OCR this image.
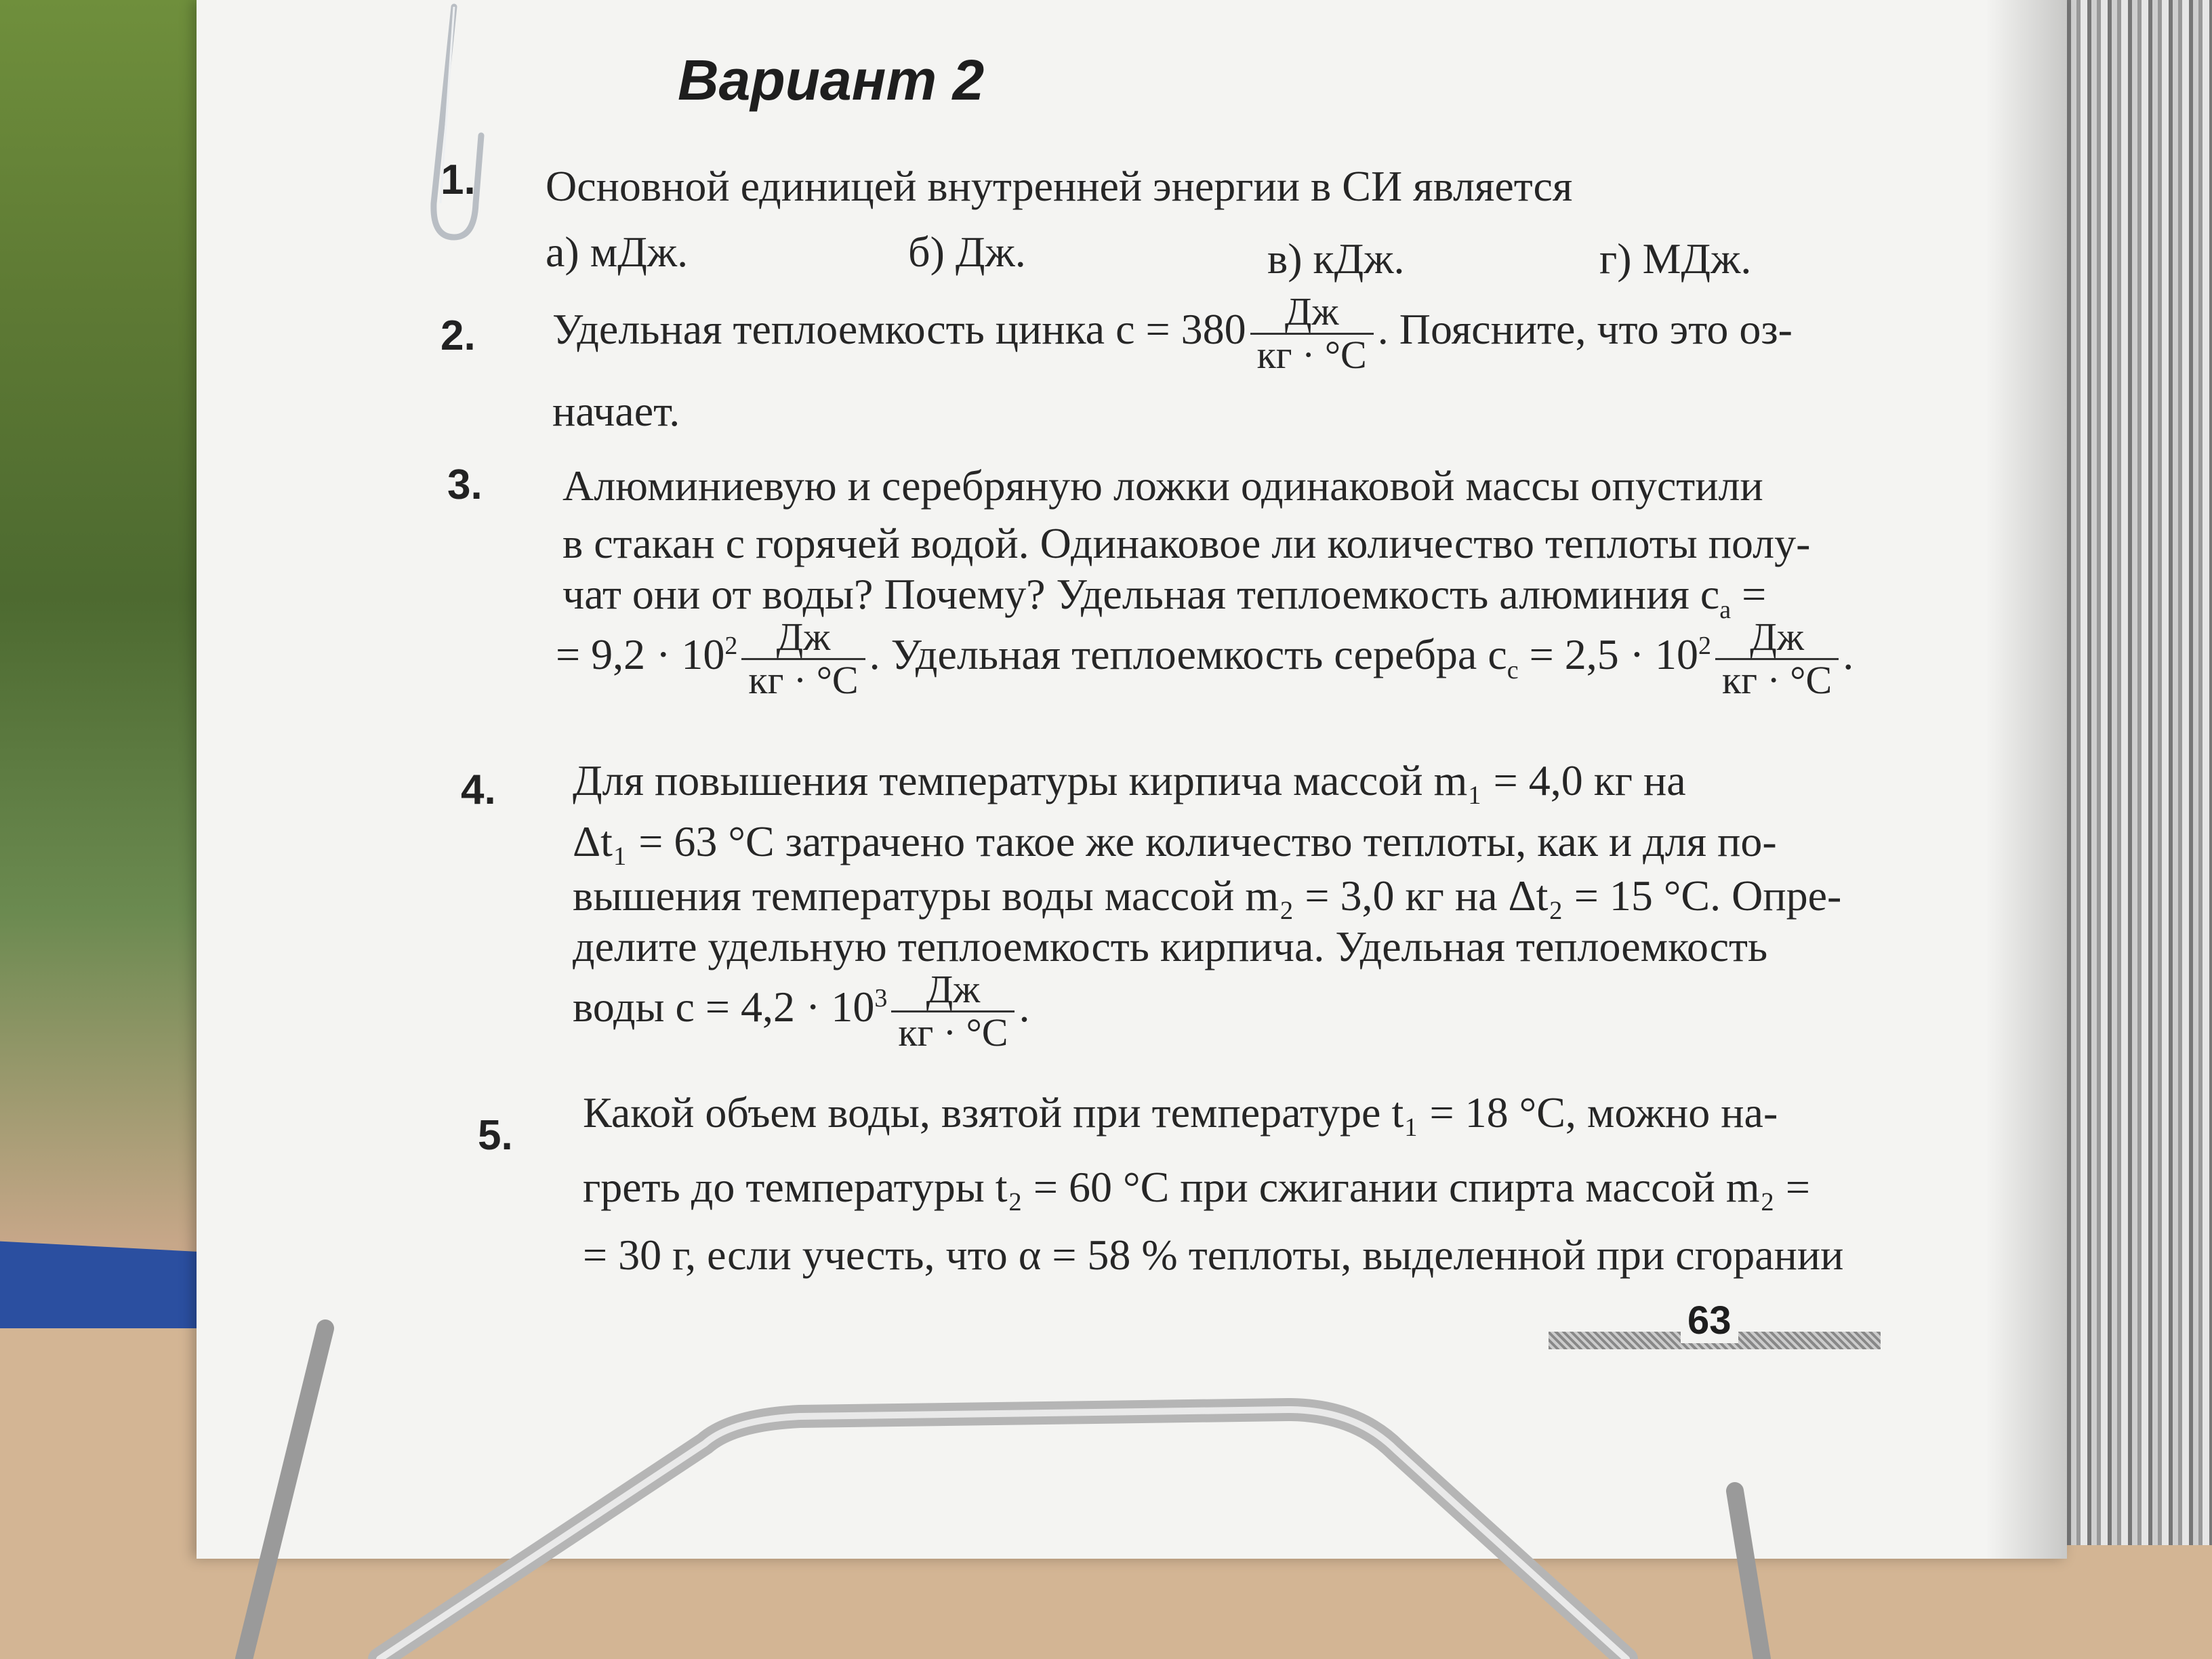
Вариант 2
1. Основной единицей внутренней энергии в СИ является
а) мДж.	б) Дж.	в) кДж.	г) МДж.
2. Удельная теплоемкость цинка $с = 380 \frac{Дж}{кг \cdot ^\circ С}$ . Поясните, что это оз-
начает.
3. Алюминиевую и серебряную ложки одинаковой массы опустили
в стакан с горячей водой. Одинаковое ли количество теплоты полу-
чат они от воды? Почему? Удельная теплоемкость алюминия $с_а$ =
= $9,2 \cdot 10^2 \frac{Дж}{кг \cdot ^\circ С}$ . Удельная теплоемкость серебра $с_с = 2,5 \cdot 10^2 \frac{Дж}{кг \cdot ^\circ С}$ .
4. Для повышения температуры кирпича массой m₁ = 4,0 кг на
Δt₁ = 63 °С затрачено такое же количество теплоты, как и для по-
вышения температуры воды массой m₂ = 3,0 кг на Δt₂ = 15 °С. Опре-
делите удельную теплоемкость кирпича. Удельная теплоемкость
воды $с = 4,2 \cdot 10^3 \frac{Дж}{кг \cdot ^\circ С}$ .
5. Какой объем воды, взятой при температуре t₁ = 18 °С, можно на-
греть до температуры t₂ = 60 °С при сжигании спирта массой m₂ =
= 30 г, если учесть, что α = 58 % теплоты, выделенной при сгорании
63
